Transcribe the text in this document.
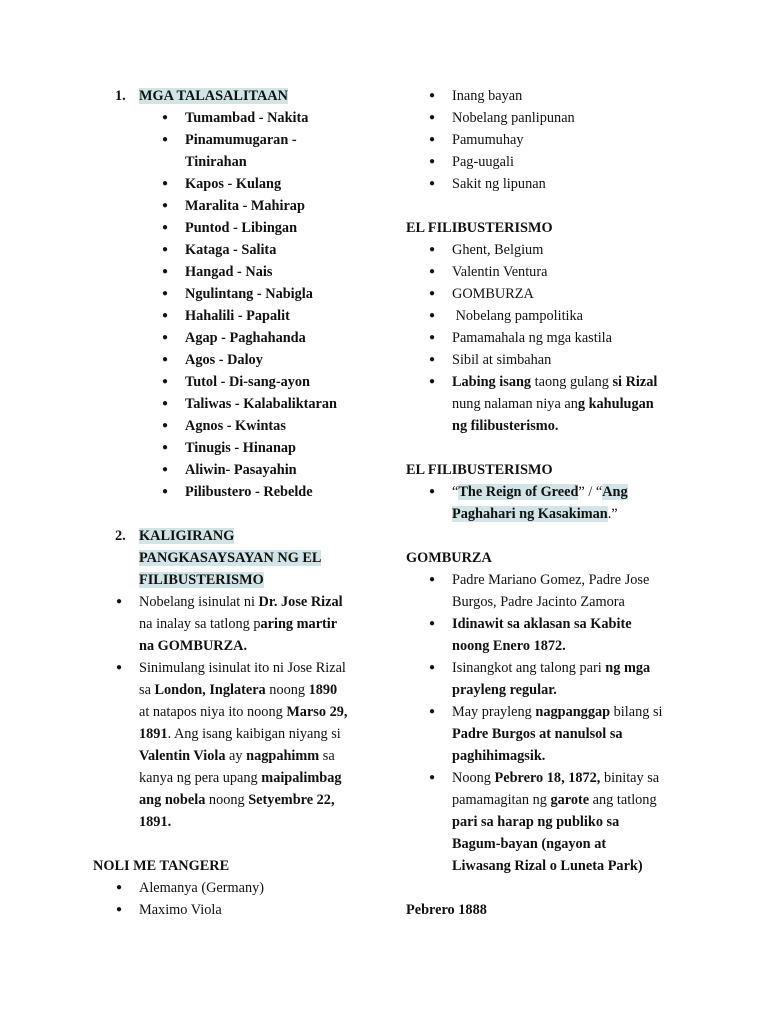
1. MGA TALASALITAAN
● Tumambad - Nakita
● Pinamumugaran -
Tinirahan
● Kapos - Kulang
● Maralita - Mahirap
● Puntod - Libingan
● Kataga - Salita
● Hangad - Nais
● Ngulintang - Nabigla
● Hahalili - Papalit
● Agap - Paghahanda
● Agos - Daloy
● Tutol - Di-sang-ayon
● Taliwas - Kalabaliktaran
● Agnos - Kwintas
● Tinugis - Hinanap
● Aliwin- Pasayahin
● Pilibustero - Rebelde
2. KALIGIRANG
PANGKASAYSAYAN NG EL
FILIBUSTERISMO
● Nobelang isinulat ni Dr. Jose Rizal
na inalay sa tatlong paring martir
na GOMBURZA.
● Sinimulang isinulat ito ni Jose Rizal
sa London, Inglatera noong 1890
at natapos niya ito noong Marso 29,
1891. Ang isang kaibigan niyang si
Valentin Viola ay nagpahimm sa
kanya ng pera upang maipalimbag
ang nobela noong Setyembre 22,
1891.
NOLI ME TANGERE
● Alemanya (Germany)
● Maximo Viola
● Inang bayan
● Nobelang panlipunan
● Pamumuhay
● Pag-uugali
● Sakit ng lipunan
EL FILIBUSTERISMO
● Ghent, Belgium
● Valentin Ventura
● GOMBURZA
● Nobelang pampolitika
● Pamamahala ng mga kastila
● Sibil at simbahan
● Labing isang taong gulang si Rizal
nung nalaman niya ang kahulugan
ng filibusterismo.
EL FILIBUSTERISMO
● “The Reign of Greed” / “Ang
Paghahari ng Kasakiman.”
GOMBURZA
● Padre Mariano Gomez, Padre Jose
Burgos, Padre Jacinto Zamora
● Idinawit sa aklasan sa Kabite
noong Enero 1872.
● Isinangkot ang talong pari ng mga
prayleng regular.
● May prayleng nagpanggap bilang si
Padre Burgos at nanulsol sa
paghihimagsik.
● Noong Pebrero 18, 1872, binitay sa
pamamagitan ng garote ang tatlong
pari sa harap ng publiko sa
Bagum-bayan (ngayon at
Liwasang Rizal o Luneta Park)
Pebrero 1888
